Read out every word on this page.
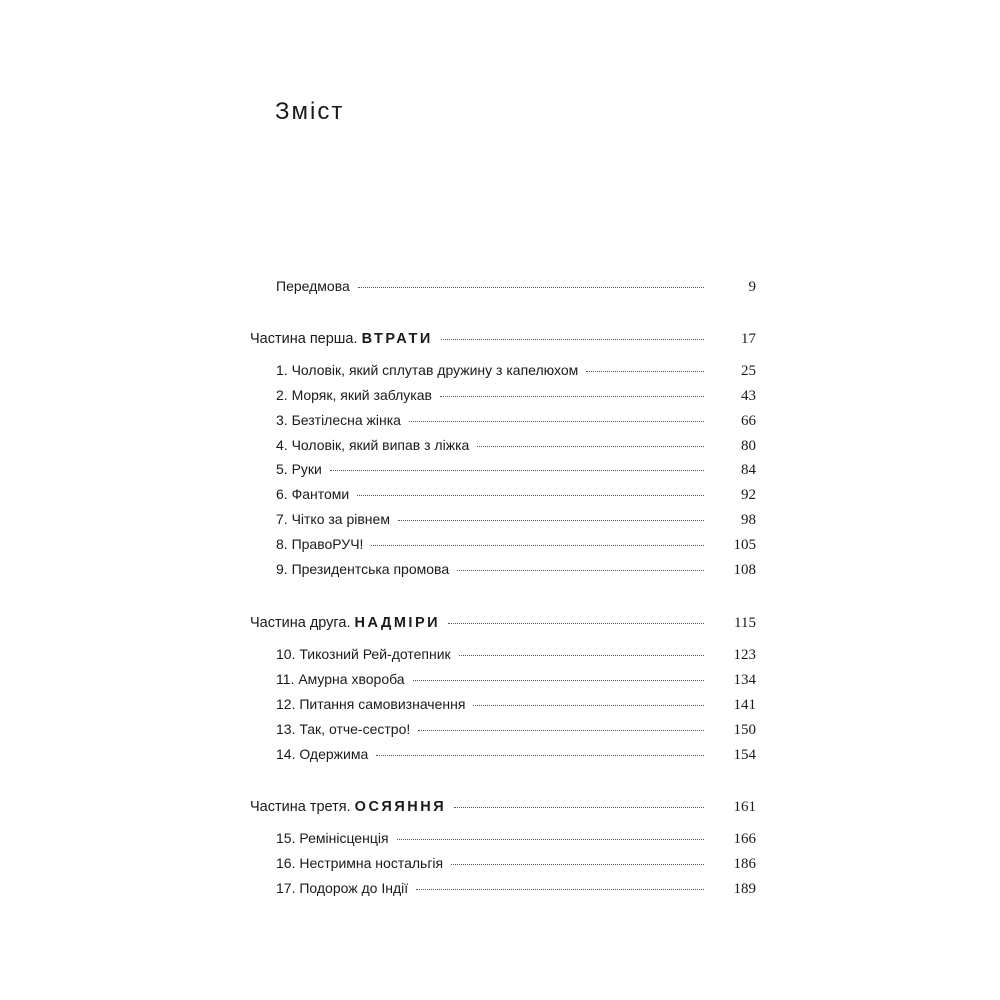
Зміст
Передмова	9
Частина перша. ВТРАТИ	17
1. Чоловік, який сплутав дружину з капелюхом	25
2. Моряк, який заблукав	43
3. Безтілесна жінка	66
4. Чоловік, який випав з ліжка	80
5. Руки	84
6. Фантоми	92
7. Чітко за рівнем	98
8. ПравоРУЧ!	105
9. Президентська промова	108
Частина друга. НАДМІРИ	115
10. Тикозний Рей-дотепник	123
11. Амурна хвороба	134
12. Питання самовизначення	141
13. Так, отче-сестро!	150
14. Одержима	154
Частина третя. ОСЯЯННЯ	161
15. Ремінісценція	166
16. Нестримна ностальгія	186
17. Подорож до Індії	189
